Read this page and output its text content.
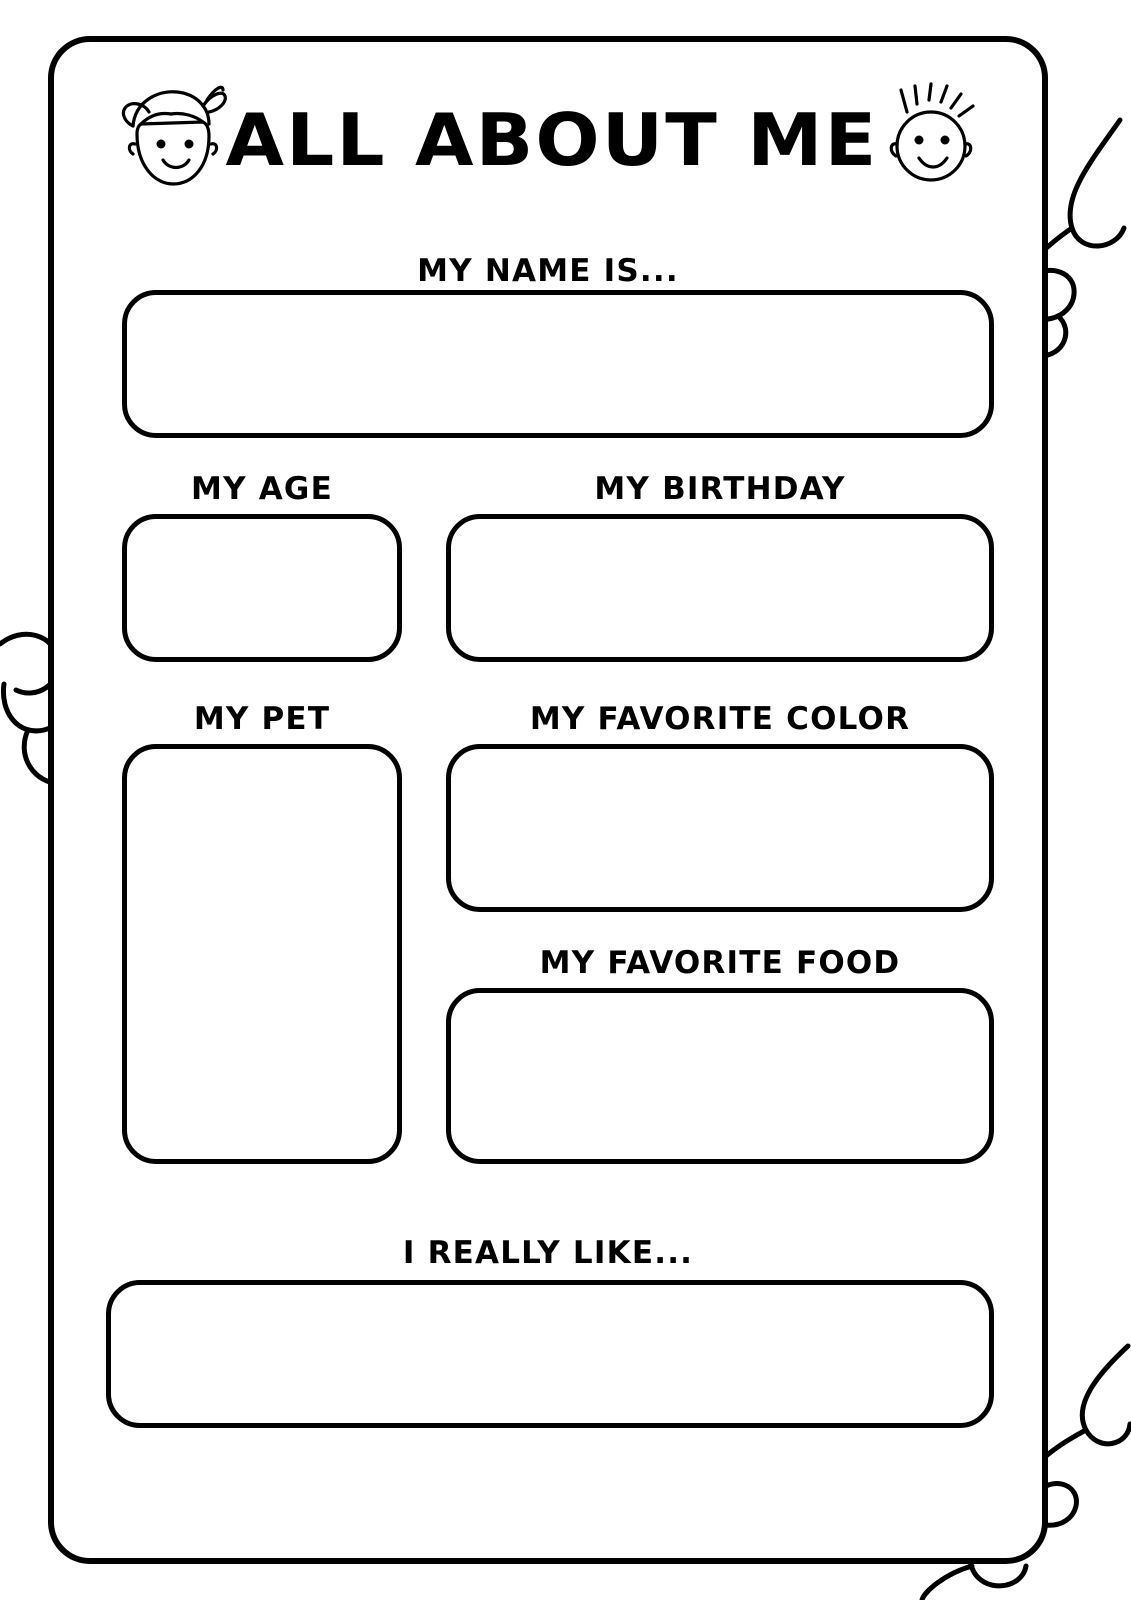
ALL ABOUT ME
MY NAME IS...
MY AGE	MY BIRTHDAY
MY PET	MY FAVORITE COLOR
MY FAVORITE FOOD
I REALLY LIKE...
